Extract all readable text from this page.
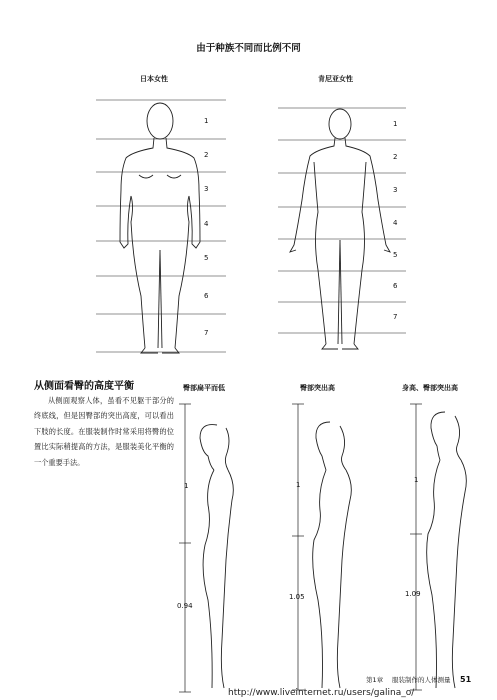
由于种族不同而比例不同
日本女性	肯尼亚女性
1
2
3
4
5
6
7
1
2
3
4
5
6
7
从侧面看臀的高度平衡
从侧面观察人体，虽看不见躯干部分的终底线，但是因臀部的突出高度，可以看出下肢的长度。在服装制作时常采用将臀的位置比实际稍提高的方法，是服装美化平衡的一个重要手法。
臀部扁平而低	臀部突出高	身高、臀部突出高
1
0.94
1
1.05
1
1.09
第1章 服装制作的人体测量 51
http://www.liveinternet.ru/users/galina_o/
